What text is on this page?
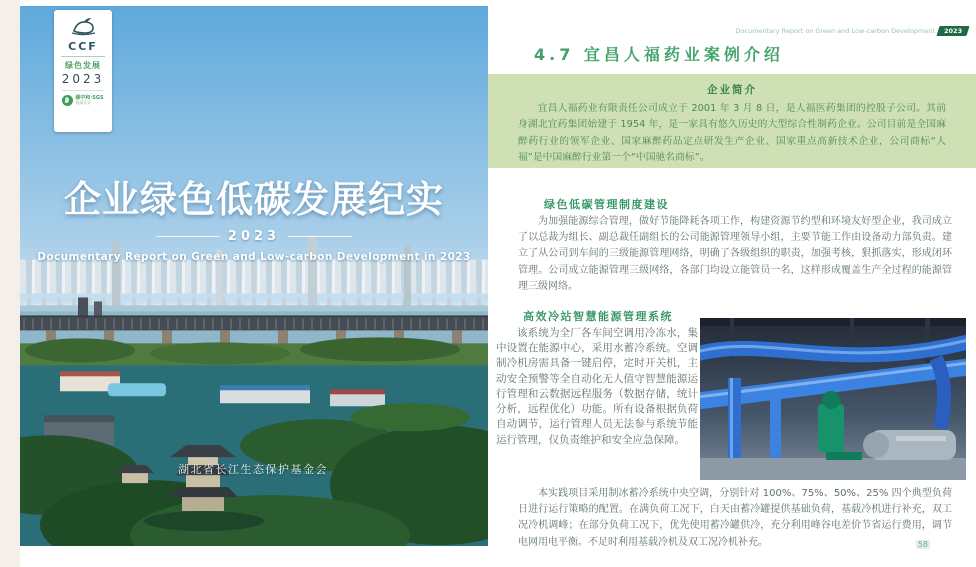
CCF
绿色发展
2023
碳中和·SGS
低碳认证
企业绿色低碳发展纪实
2023
Documentary Report on Green and Low-carbon Development in 2023
湖北省长江生态保护基金会
Documentary Report on Green and Low-carbon Development	2023
4.7 宜昌人福药业案例介绍
企业简介
宜昌人福药业有限责任公司成立于 2001 年 3 月 8 日，是人福医药集团的控股子公司。其前身湖北宜药集团始建于 1954 年，是一家具有悠久历史的大型综合性制药企业。公司目前是全国麻醉药行业的领军企业、国家麻醉药品定点研发生产企业、国家重点高新技术企业，公司商标“人福”是中国麻醉行业第一个“中国驰名商标”。
绿色低碳管理制度建设
为加强能源综合管理，做好节能降耗各项工作，构建资源节约型和环境友好型企业，我司成立了以总裁为组长、副总裁任副组长的公司能源管理领导小组，主要节能工作由设备动力部负责。建立了从公司到车间的三级能源管理网络，明确了各级组织的职责，加强考核，狠抓落实，形成闭环管理。公司成立能源管理三级网络，各部门均设立能管员一名，这样形成覆盖生产全过程的能源管理三级网络。
高效冷站智慧能源管理系统
该系统为全厂各车间空调用冷冻水，集中设置在能源中心，采用水蓄冷系统。空调制冷机房需具备一键启停，定时开关机，主动安全预警等全自动化无人值守智慧能源运行管理和云数据远程服务（数据存储，统计分析，远程优化）功能。所有设备根据负荷自动调节，运行管理人员无法参与系统节能运行管理，仅负责维护和安全应急保障。
本实践项目采用制冰蓄冷系统中央空调，分别针对 100%、75%、50%、25% 四个典型负荷日进行运行策略的配置。在满负荷工况下，白天由蓄冷罐提供基础负荷，基载冷机进行补充，双工况冷机调峰；在部分负荷工况下，优先使用蓄冷罐供冷，充分利用峰谷电差价节省运行费用，调节电网用电平衡。不足时利用基载冷机及双工况冷机补充。	58
